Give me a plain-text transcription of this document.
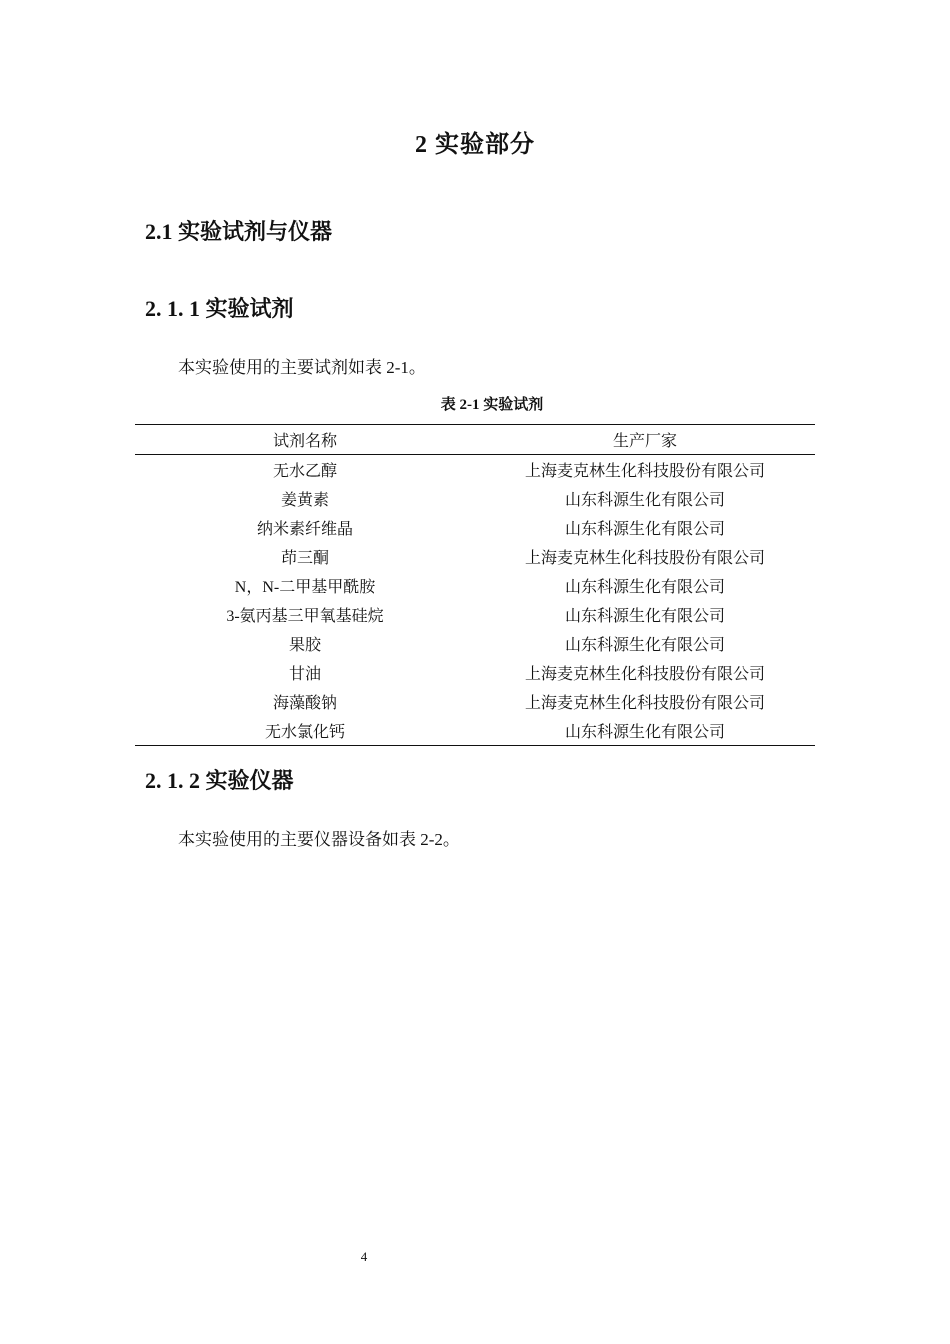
2 实验部分
2.1 实验试剂与仪器
2. 1. 1 实验试剂

本实验使用的主要试剂如表 2-1。

表 2-1 实验试剂

试剂名称	生产厂家
无水乙醇	上海麦克林生化科技股份有限公司
姜黄素	山东科源生化有限公司
纳米素纤维晶	山东科源生化有限公司
茚三酮	上海麦克林生化科技股份有限公司
N，N-二甲基甲酰胺	山东科源生化有限公司
3-氨丙基三甲氧基硅烷	山东科源生化有限公司
果胶	山东科源生化有限公司
甘油	上海麦克林生化科技股份有限公司
海藻酸钠	上海麦克林生化科技股份有限公司
无水氯化钙	山东科源生化有限公司
2. 1. 2 实验仪器

本实验使用的主要仪器设备如表 2-2。

4
